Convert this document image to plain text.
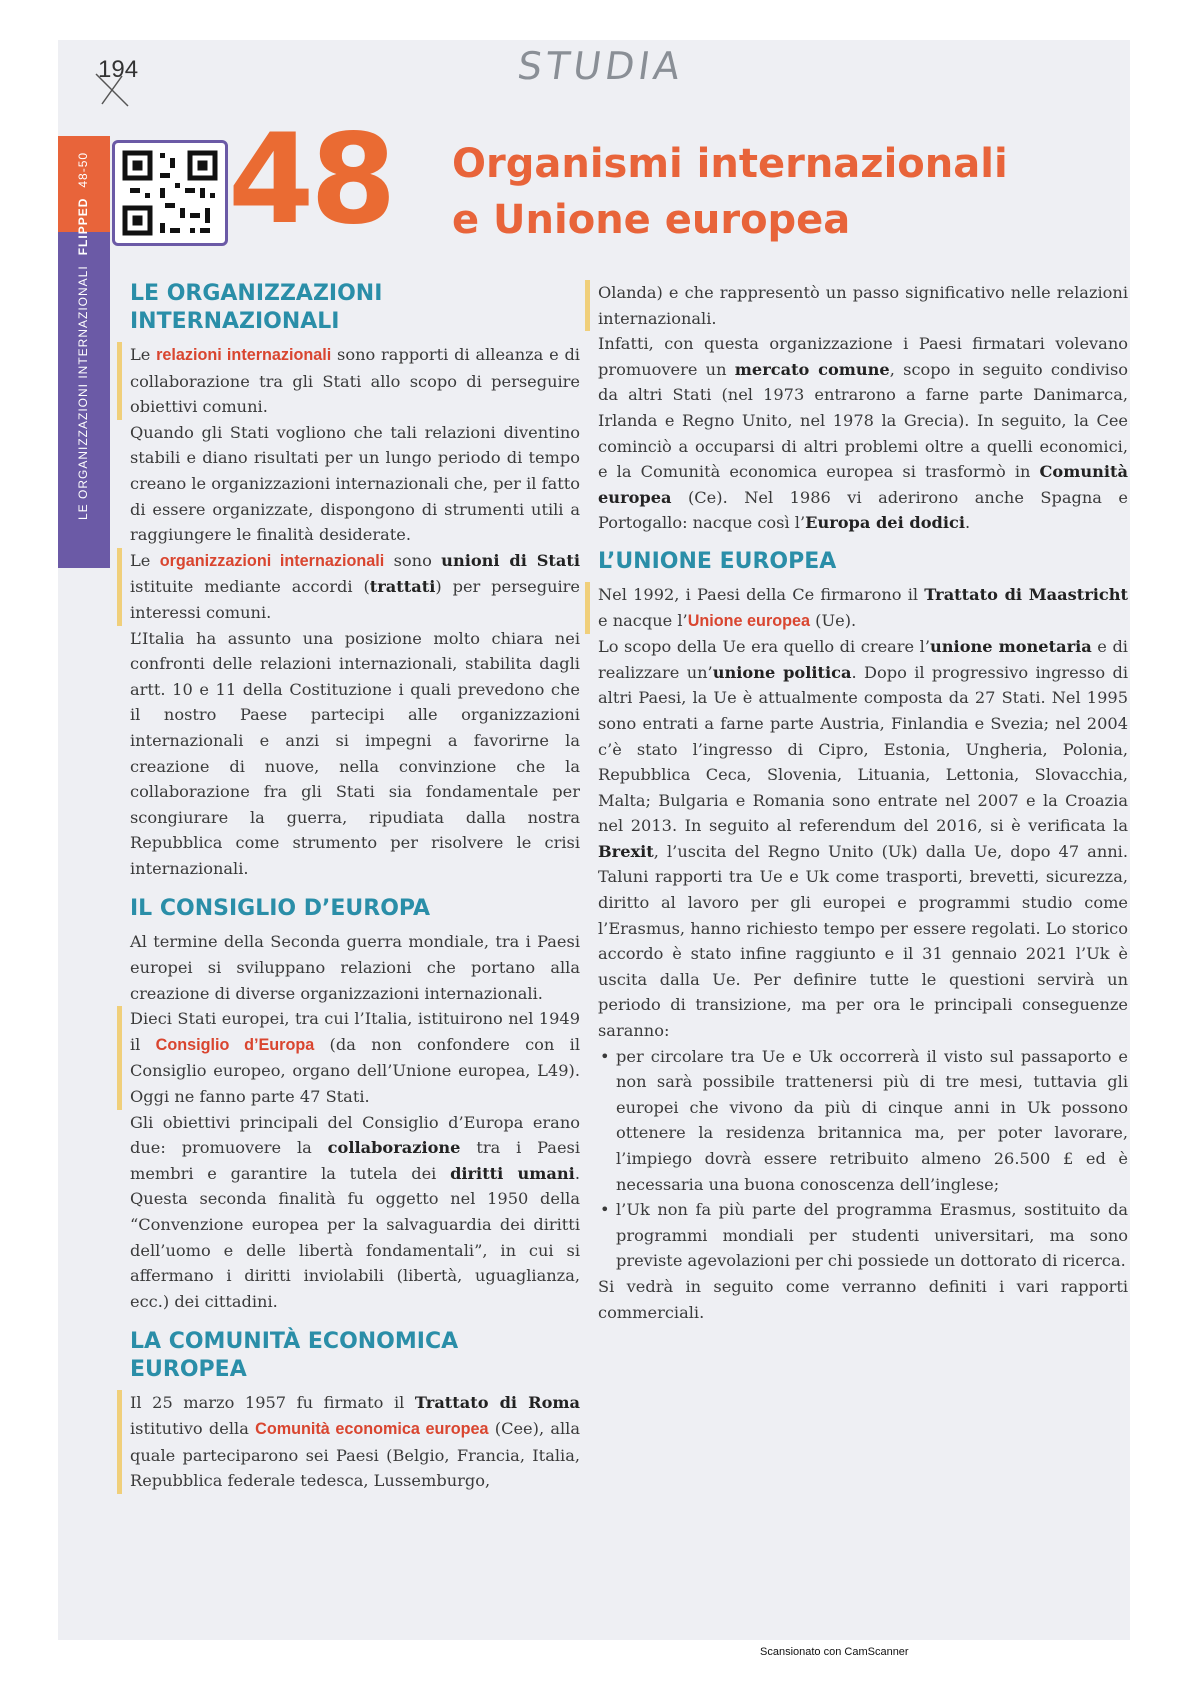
194	STUDIA
LE ORGANIZZAZIONI INTERNAZIONALI
FLIPPED
48-50 48 Organismi internazionali
e Unione europea
LE ORGANIZZAZIONI INTERNAZIONALI

Le relazioni internazionali sono rapporti di alleanza e di collaborazione tra gli Stati allo scopo di perseguire obiettivi comuni.

Quando gli Stati vogliono che tali relazioni diventino stabili e diano risultati per un lungo periodo di tempo creano le organizzazioni internazionali che, per il fatto di essere organizzate, dispongono di strumenti utili a raggiungere le finalità desiderate.

Le organizzazioni internazionali sono unioni di Stati istituite mediante accordi (trattati) per perseguire interessi comuni.

L’Italia ha assunto una posizione molto chiara nei confronti delle relazioni internazionali, stabilita dagli artt. 10 e 11 della Costituzione i quali prevedono che il nostro Paese partecipi alle organizzazioni internazionali e anzi si impegni a favorirne la creazione di nuove, nella convinzione che la collaborazione fra gli Stati sia fondamentale per scongiurare la guerra, ripudiata dalla nostra Repubblica come strumento per risolvere le crisi internazionali.

IL CONSIGLIO D’EUROPA

Al termine della Seconda guerra mondiale, tra i Paesi europei si sviluppano relazioni che portano alla creazione di diverse organizzazioni internazionali.

Dieci Stati europei, tra cui l’Italia, istituirono nel 1949 il Consiglio d’Europa (da non confondere con il Consiglio europeo, organo dell’Unione europea, L49). Oggi ne fanno parte 47 Stati.

Gli obiettivi principali del Consiglio d’Europa erano due: promuovere la collaborazione tra i Paesi membri e garantire la tutela dei diritti umani. Questa seconda finalità fu oggetto nel 1950 della “Convenzione europea per la salvaguardia dei diritti dell’uomo e delle libertà fondamentali”, in cui si affermano i diritti inviolabili (libertà, uguaglianza, ecc.) dei cittadini.

LA COMUNITÀ ECONOMICA
EUROPEA

Il 25 marzo 1957 fu firmato il Trattato di Roma istitutivo della Comunità economica europea (Cee), alla quale parteciparono sei Paesi (Belgio, Francia, Italia, Repubblica federale tedesca, Lussemburgo,

Olanda) e che rappresentò un passo significativo nelle relazioni internazionali.

Infatti, con questa organizzazione i Paesi firmatari volevano promuovere un mercato comune, scopo in seguito condiviso da altri Stati (nel 1973 entrarono a farne parte Danimarca, Irlanda e Regno Unito, nel 1978 la Grecia). In seguito, la Cee cominciò a occuparsi di altri problemi oltre a quelli economici, e la Comunità economica europea si trasformò in Comunità europea (Ce). Nel 1986 vi aderirono anche Spagna e Portogallo: nacque così l’Europa dei dodici.

L’UNIONE EUROPEA

Nel 1992, i Paesi della Ce firmarono il Trattato di Maastricht e nacque l’Unione europea (Ue).

Lo scopo della Ue era quello di creare l’unione monetaria e di realizzare un’unione politica. Dopo il progressivo ingresso di altri Paesi, la Ue è attualmente composta da 27 Stati. Nel 1995 sono entrati a farne parte Austria, Finlandia e Svezia; nel 2004 c’è stato l’ingresso di Cipro, Estonia, Ungheria, Polonia, Repubblica Ceca, Slovenia, Lituania, Lettonia, Slovacchia, Malta; Bulgaria e Romania sono entrate nel 2007 e la Croazia nel 2013. In seguito al referendum del 2016, si è verificata la Brexit, l’uscita del Regno Unito (Uk) dalla Ue, dopo 47 anni. Taluni rapporti tra Ue e Uk come trasporti, brevetti, sicurezza, diritto al lavoro per gli europei e programmi studio come l’Erasmus, hanno richiesto tempo per essere regolati. Lo storico accordo è stato infine raggiunto e il 31 gennaio 2021 l’Uk è uscita dalla Ue. Per definire tutte le questioni servirà un periodo di transizione, ma per ora le principali conseguenze saranno:

• per circolare tra Ue e Uk occorrerà il visto sul passaporto e non sarà possibile trattenersi più di tre mesi, tuttavia gli europei che vivono da più di cinque anni in Uk possono ottenere la residenza britannica ma, per poter lavorare, l’impiego dovrà essere retribuito almeno 26.500 £ ed è necessaria una buona conoscenza dell’inglese;
• l’Uk non fa più parte del programma Erasmus, sostituito da programmi mondiali per studenti universitari, ma sono previste agevolazioni per chi possiede un dottorato di ricerca.

Si vedrà in seguito come verranno definiti i vari rapporti commerciali.

Scansionato con CamScanner
